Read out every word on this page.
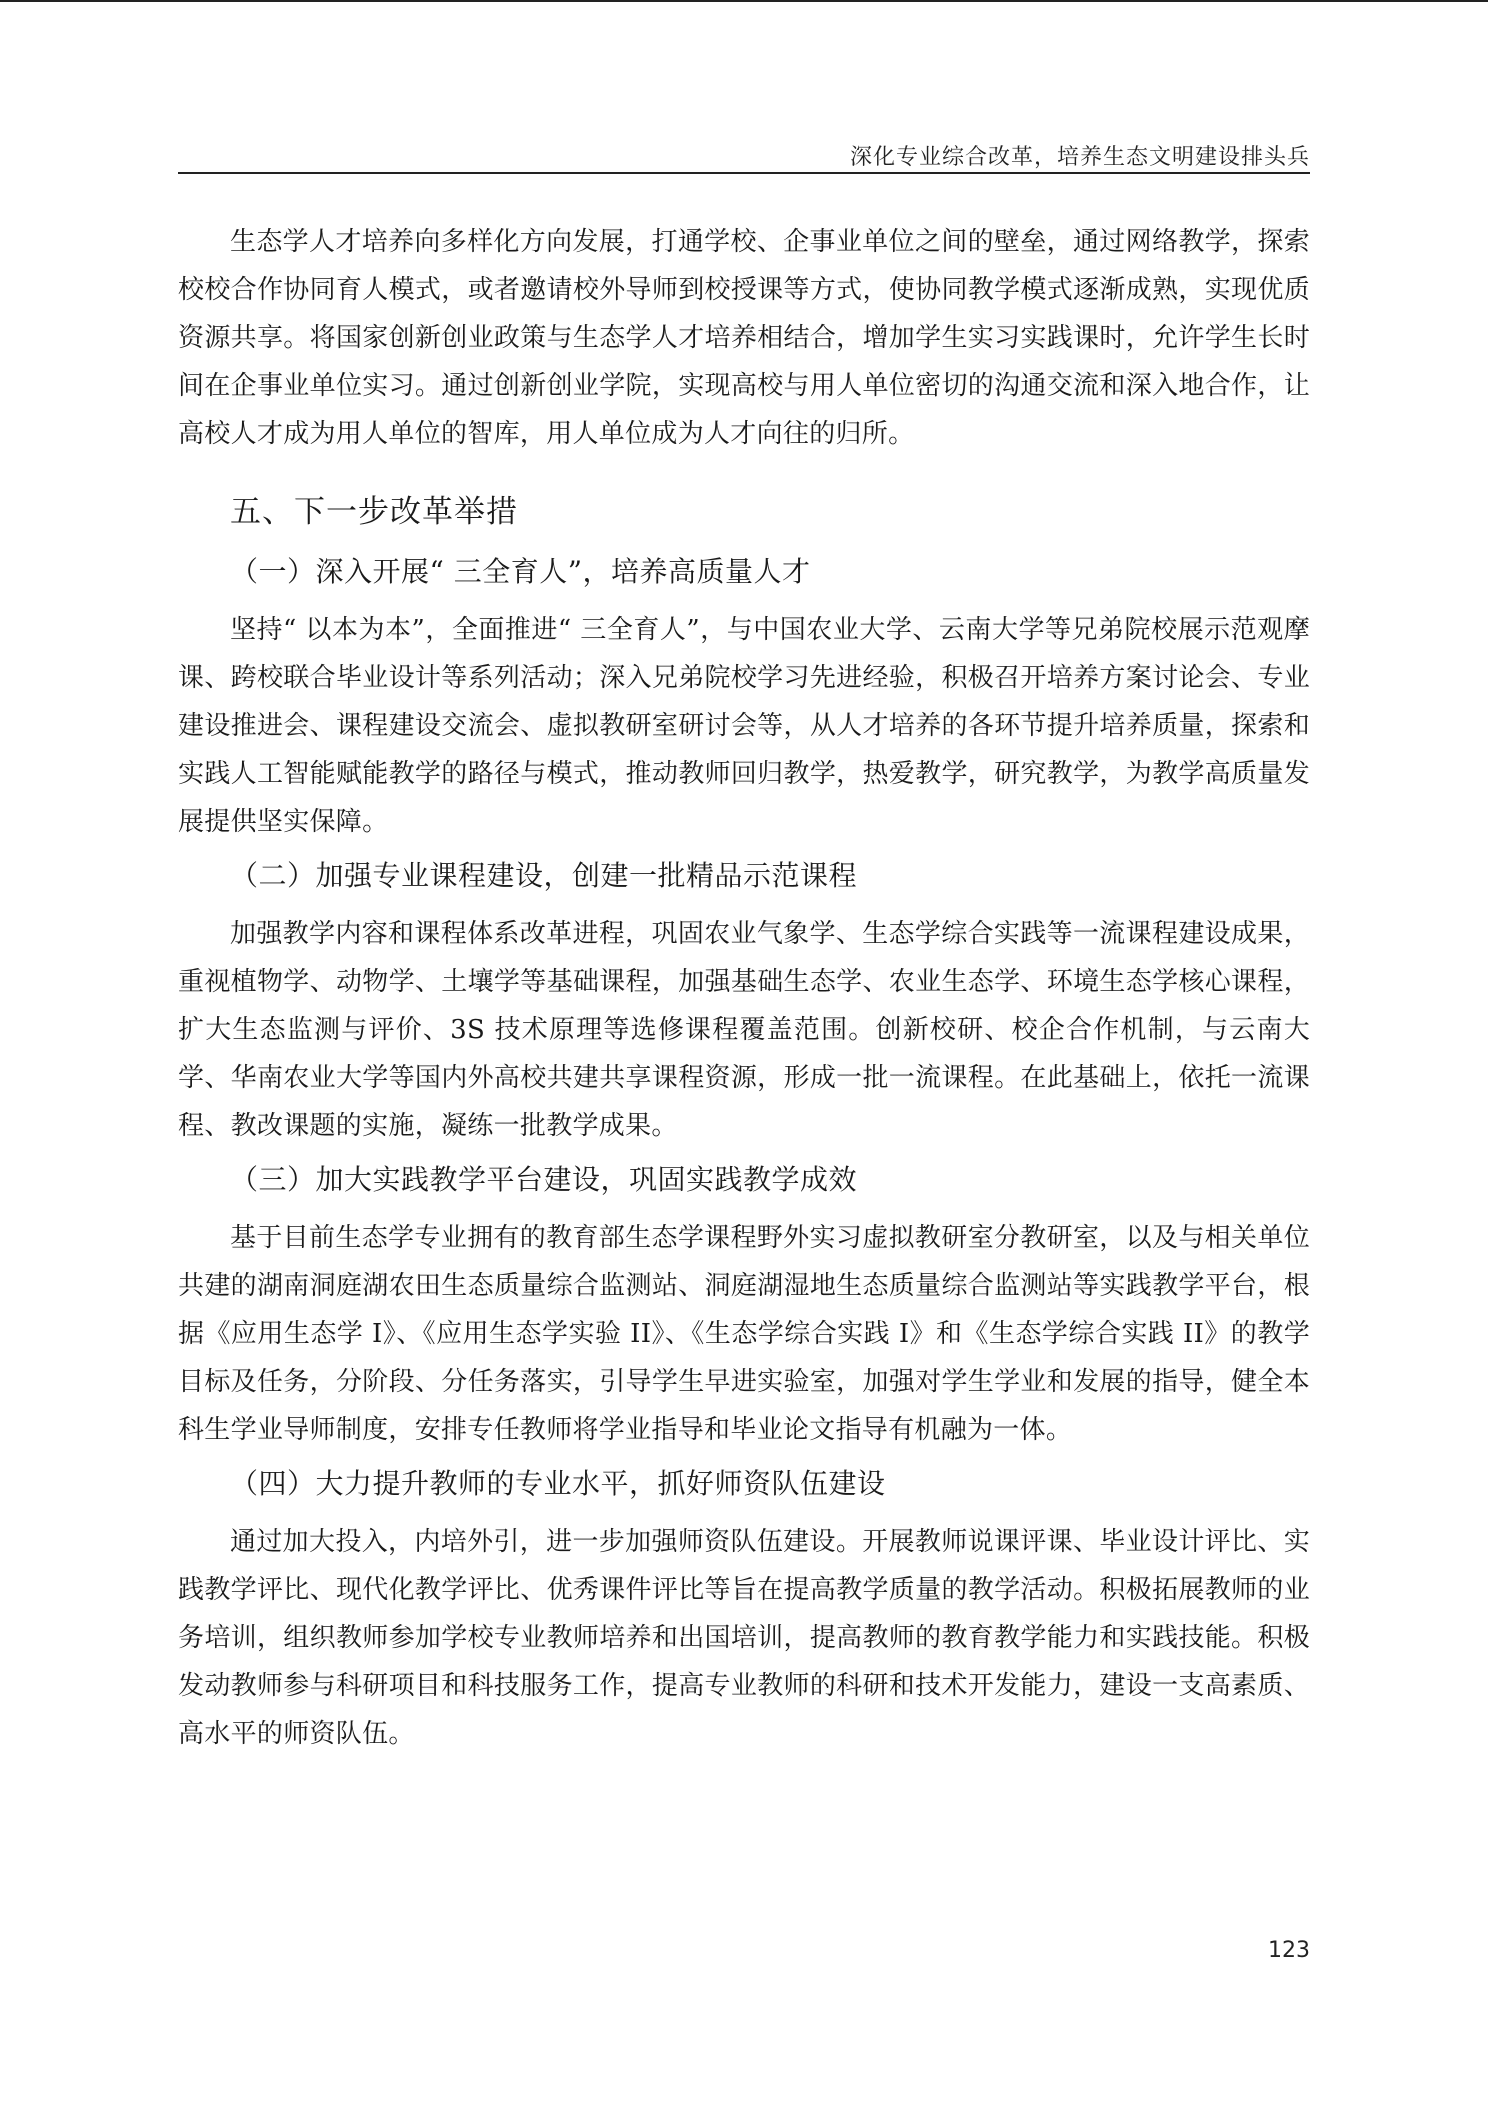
深化专业综合改革，培养生态文明建设排头兵

生态学人才培养向多样化方向发展，打通学校、企事业单位之间的壁垒，通过网络教学，探索校校合作协同育人模式，或者邀请校外导师到校授课等方式，使协同教学模式逐渐成熟，实现优质资源共享。将国家创新创业政策与生态学人才培养相结合，增加学生实习实践课时，允许学生长时间在企事业单位实习。通过创新创业学院，实现高校与用人单位密切的沟通交流和深入地合作，让高校人才成为用人单位的智库，用人单位成为人才向往的归所。

五、下一步改革举措
（一）深入开展“ 三全育人”，培养高质量人才

坚持“ 以本为本”，全面推进“ 三全育人”，与中国农业大学、云南大学等兄弟院校展示范观摩课、跨校联合毕业设计等系列活动；深入兄弟院校学习先进经验，积极召开培养方案讨论会、专业建设推进会、课程建设交流会、虚拟教研室研讨会等，从人才培养的各环节提升培养质量，探索和实践人工智能赋能教学的路径与模式，推动教师回归教学，热爱教学，研究教学，为教学高质量发展提供坚实保障。

（二）加强专业课程建设，创建一批精品示范课程

加强教学内容和课程体系改革进程，巩固农业气象学、生态学综合实践等一流课程建设成果，重视植物学、动物学、土壤学等基础课程，加强基础生态学、农业生态学、环境生态学核心课程，扩大生态监测与评价、3S 技术原理等选修课程覆盖范围。创新校研、校企合作机制，与云南大学、华南农业大学等国内外高校共建共享课程资源，形成一批一流课程。在此基础上，依托一流课程、教改课题的实施，凝练一批教学成果。

（三）加大实践教学平台建设，巩固实践教学成效

基于目前生态学专业拥有的教育部生态学课程野外实习虚拟教研室分教研室，以及与相关单位共建的湖南洞庭湖农田生态质量综合监测站、洞庭湖湿地生态质量综合监测站等实践教学平台，根据《应用生态学 I》、《应用生态学实验 II》、《生态学综合实践 I》和《生态学综合实践 II》的教学目标及任务，分阶段、分任务落实，引导学生早进实验室，加强对学生学业和发展的指导，健全本科生学业导师制度，安排专任教师将学业指导和毕业论文指导有机融为一体。

（四）大力提升教师的专业水平，抓好师资队伍建设

通过加大投入，内培外引，进一步加强师资队伍建设。开展教师说课评课、毕业设计评比、实践教学评比、现代化教学评比、优秀课件评比等旨在提高教学质量的教学活动。积极拓展教师的业务培训，组织教师参加学校专业教师培养和出国培训，提高教师的教育教学能力和实践技能。积极发动教师参与科研项目和科技服务工作，提高专业教师的科研和技术开发能力，建设一支高素质、高水平的师资队伍。

123
